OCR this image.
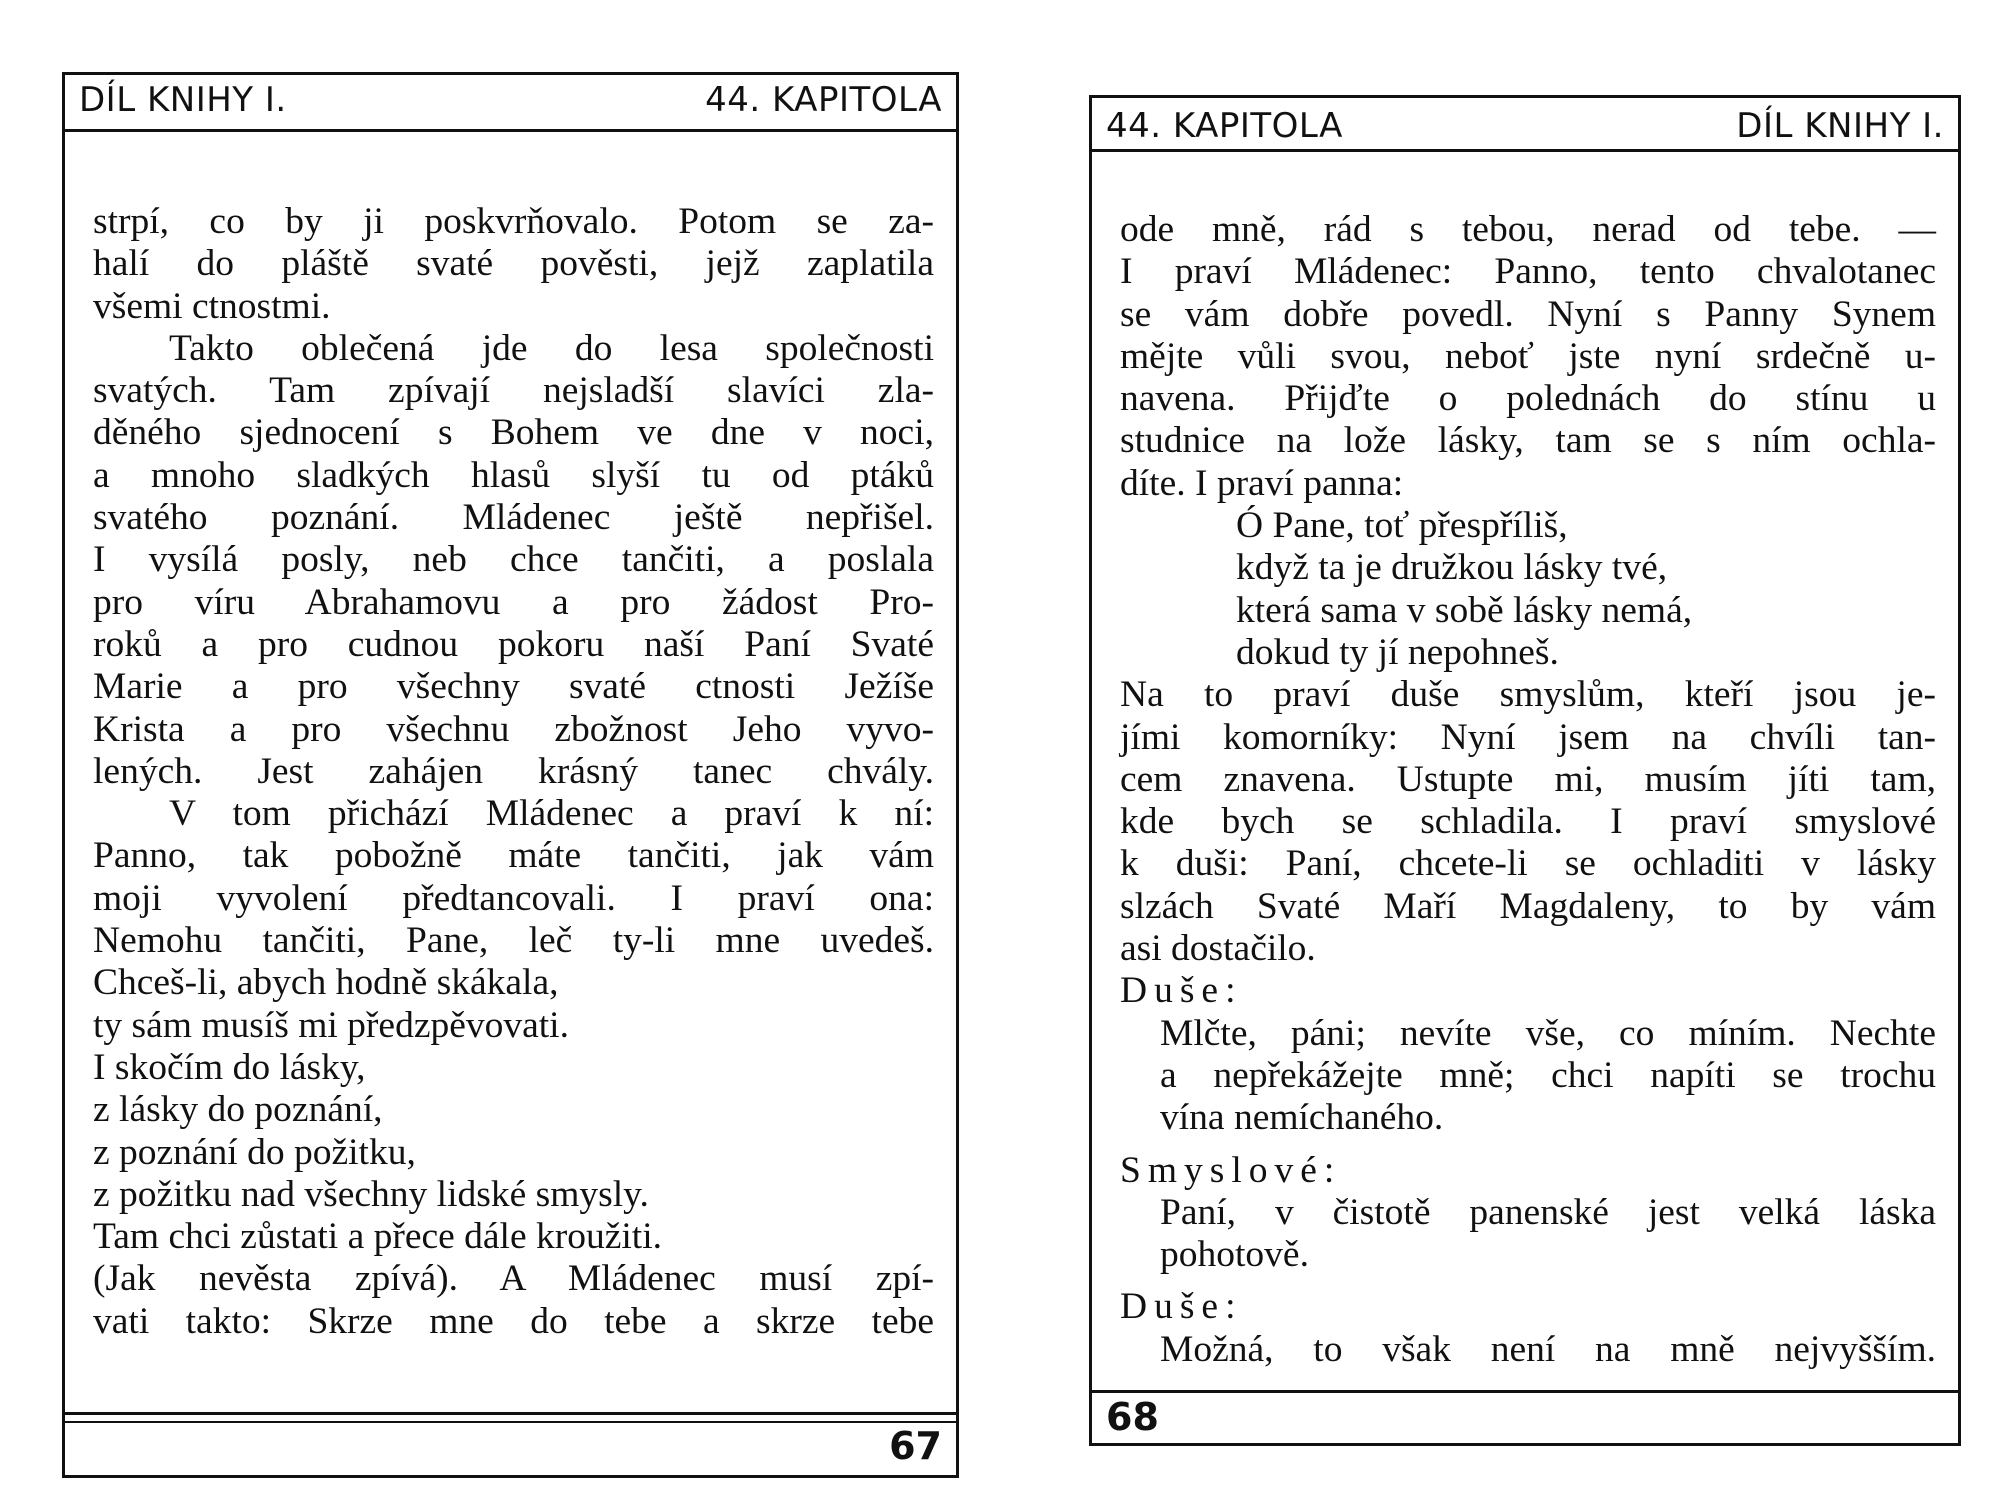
DÍL KNIHY I.	44. KAPITOLA
strpí, co by ji poskvrňovalo. Potom se za-
halí do pláště svaté pověsti, jejž zaplatila
všemi ctnostmi.
Takto oblečená jde do lesa společnosti
svatých. Tam zpívají nejsladší slavíci zla-
děného sjednocení s Bohem ve dne v noci,
a mnoho sladkých hlasů slyší tu od ptáků
svatého poznání. Mládenec ještě nepřišel.
I vysílá posly, neb chce tančiti, a poslala
pro víru Abrahamovu a pro žádost Pro-
roků a pro cudnou pokoru naší Paní Svaté
Marie a pro všechny svaté ctnosti Ježíše
Krista a pro všechnu zbožnost Jeho vyvo-
lených. Jest zahájen krásný tanec chvály.
V tom přichází Mládenec a praví k ní:
Panno, tak pobožně máte tančiti, jak vám
moji vyvolení předtancovali. I praví ona:
Nemohu tančiti, Pane, leč ty-li mne uvedeš.
Chceš-li, abych hodně skákala,
ty sám musíš mi předzpěvovati.
I skočím do lásky,
z lásky do poznání,
z poznání do požitku,
z požitku nad všechny lidské smysly.
Tam chci zůstati a přece dále kroužiti.
(Jak nevěsta zpívá). A Mládenec musí zpí-
vati takto: Skrze mne do tebe a skrze tebe
67
44. KAPITOLA	DÍL KNIHY I.
ode mně, rád s tebou, nerad od tebe. —
I praví Mládenec: Panno, tento chvalotanec
se vám dobře povedl. Nyní s Panny Synem
mějte vůli svou, neboť jste nyní srdečně u-
navena. Přijďte o polednách do stínu u
studnice na lože lásky, tam se s ním ochla-
díte. I praví panna:
Ó Pane, toť přespříliš,
když ta je družkou lásky tvé,
která sama v sobě lásky nemá,
dokud ty jí nepohneš.
Na to praví duše smyslům, kteří jsou je-
jími komorníky: Nyní jsem na chvíli tan-
cem znavena. Ustupte mi, musím jíti tam,
kde bych se schladila. I praví smyslové
k duši: Paní, chcete-li se ochladiti v lásky
slzách Svaté Maří Magdaleny, to by vám
asi dostačilo.
Duše:
Mlčte, páni; nevíte vše, co míním. Nechte
a nepřekážejte mně; chci napíti se trochu
vína nemíchaného.
Smyslové:
Paní, v čistotě panenské jest velká láska
pohotově.
Duše:
Možná, to však není na mně nejvyšším.
68
